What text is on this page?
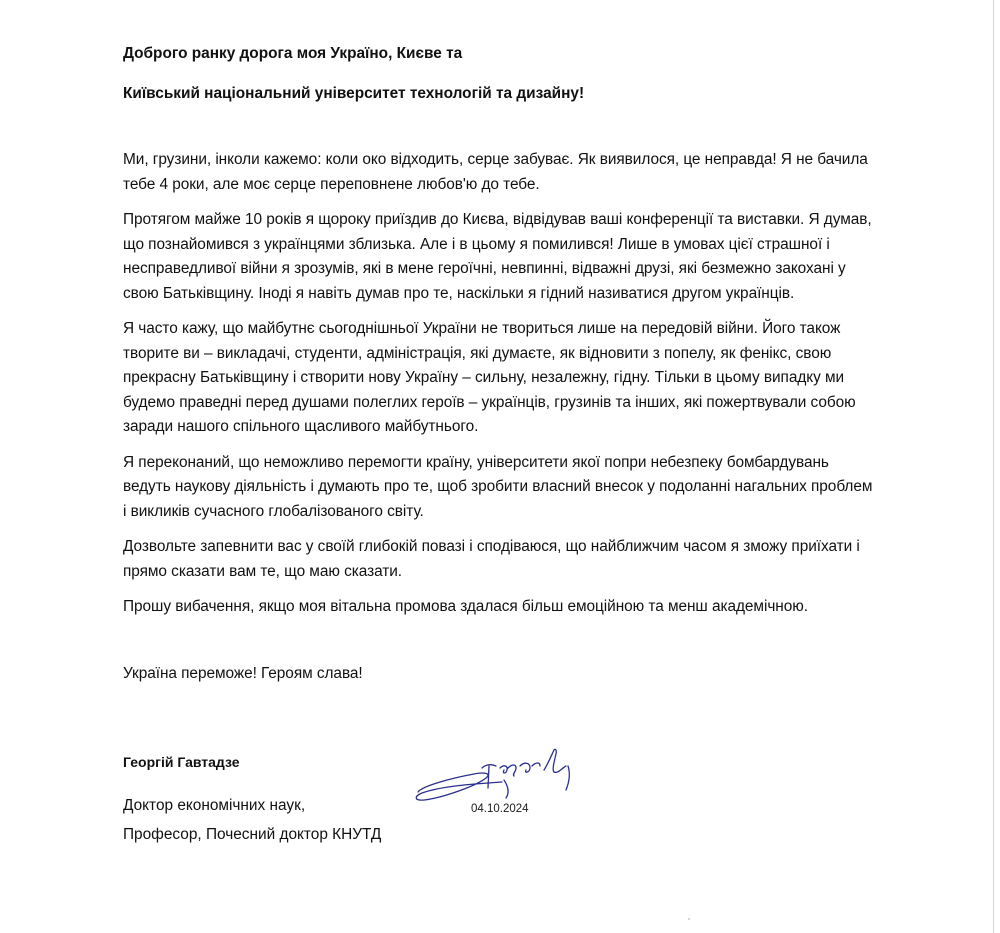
Доброго ранку дорога моя Україно, Києве та
Київський національний університет технологій та дизайну!

Ми, грузини, інколи кажемо: коли око відходить, серце забуває. Як виявилося, це неправда! Я не бачила тебе 4 роки, але моє серце переповнене любов'ю до тебе.

Протягом майже 10 років я щороку приїздив до Києва, відвідував ваші конференції та виставки. Я думав, що познайомився з українцями зблизька. Але і в цьому я помилився! Лише в умовах цієї страшної і несправедливої війни я зрозумів, які в мене героїчні, невпинні, відважні друзі, які безмежно закохані у свою Батьківщину. Іноді я навіть думав про те, наскільки я гідний називатися другом українців.

Я часто кажу, що майбутнє сьогоднішньої України не твориться лише на передовій війни. Його також творите ви – викладачі, студенти, адміністрація, які думаєте, як відновити з попелу, як фенікс, свою прекрасну Батьківщину і створити нову Україну – сильну, незалежну, гідну. Тільки в цьому випадку ми будемо праведні перед душами полеглих героїв – українців, грузинів та інших, які пожертвували собою заради нашого спільного щасливого майбутнього.

Я переконаний, що неможливо перемогти країну, університети якої попри небезпеку бомбардувань ведуть наукову діяльність і думають про те, щоб зробити власний внесок у подоланні нагальних проблем і викликів сучасного глобалізованого світу.

Дозвольте запевнити вас у своїй глибокій повазі і сподіваюся, що найближчим часом я зможу приїхати і прямо сказати вам те, що маю сказати.

Прошу вибачення, якщо моя вітальна промова здалася більш емоційною та менш академічною.

Україна переможе! Героям слава!

Георгій Гавтадзе
Доктор економічних наук,	04.10.2024
Професор, Почесний доктор КНУТД
